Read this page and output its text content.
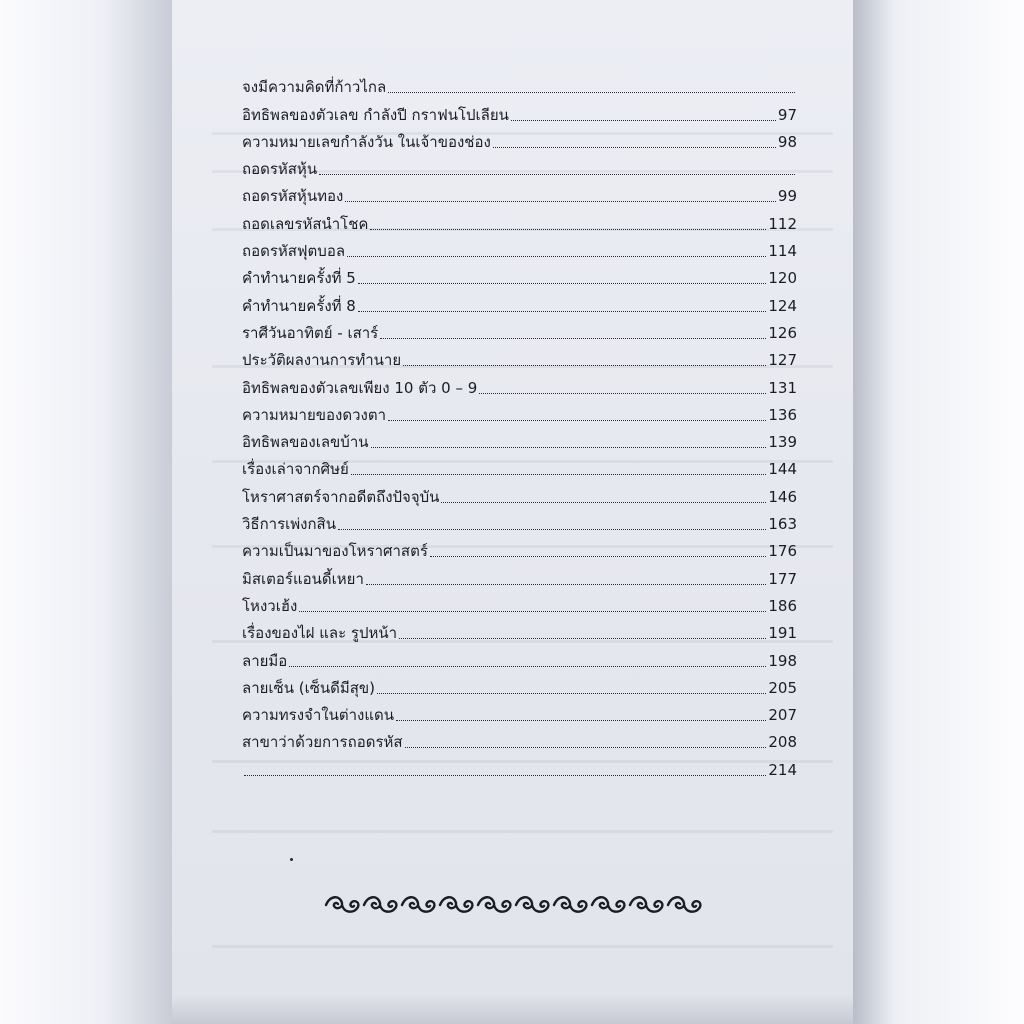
จงมีความคิดที่ก้าวไกล
อิทธิพลของตัวเลข กำลังปี กราฟนโปเลียน	97
ความหมายเลขกำลังวัน ในเจ้าของช่อง	98
ถอดรหัสหุ้น
ถอดรหัสหุ้นทอง	99
ถอดเลขรหัสนำโชค	112
ถอดรหัสฟุตบอล	114
คำทำนายครั้งที่ 5	120
คำทำนายครั้งที่ 8	124
ราศีวันอาทิตย์ - เสาร์	126
ประวัติผลงานการทำนาย	127
อิทธิพลของตัวเลขเพียง 10 ตัว 0 – 9	131
ความหมายของดวงตา	136
อิทธิพลของเลขบ้าน	139
เรื่องเล่าจากศิษย์	144
โหราศาสตร์จากอดีตถึงปัจจุบัน	146
วิธีการเพ่งกสิน	163
ความเป็นมาของโหราศาสตร์	176
มิสเตอร์แอนดี้เหยา	177
โหงวเฮ้ง	186
เรื่องของไฝ และ รูปหน้า	191
ลายมือ	198
ลายเซ็น (เซ็นดีมีสุข)	205
ความทรงจำในต่างแดน	207
สาขาว่าด้วยการถอดรหัส	208
214
